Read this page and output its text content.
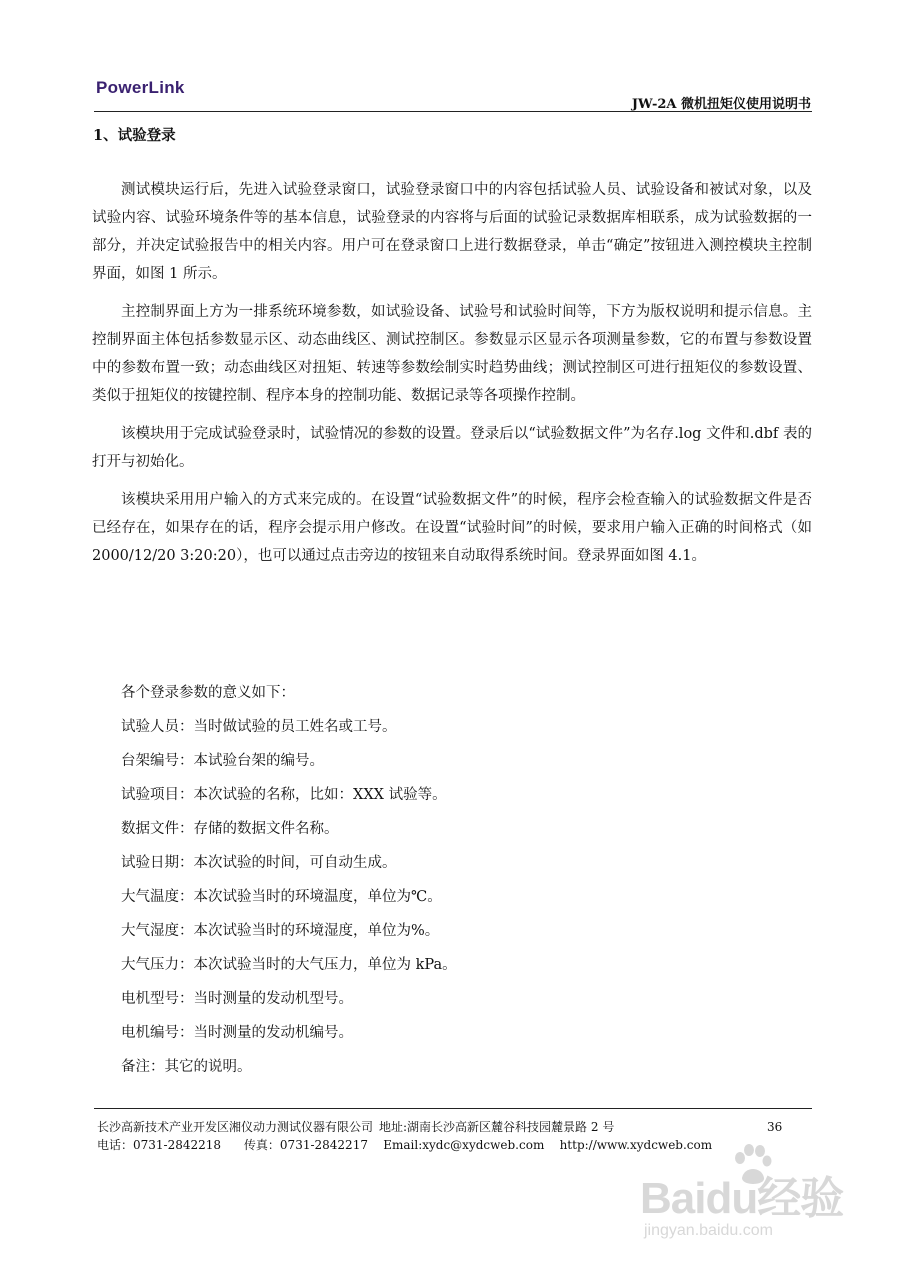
PowerLink
JW-2A 微机扭矩仪使用说明书
1、试验登录

测试模块运行后，先进入试验登录窗口，试验登录窗口中的内容包括试验人员、试验设备和被试对象，以及试验内容、试验环境条件等的基本信息，试验登录的内容将与后面的试验记录数据库相联系，成为试验数据的一部分，并决定试验报告中的相关内容。用户可在登录窗口上进行数据登录，单击“确定”按钮进入测控模块主控制界面，如图 1 所示。

主控制界面上方为一排系统环境参数，如试验设备、试验号和试验时间等，下方为版权说明和提示信息。主控制界面主体包括参数显示区、动态曲线区、测试控制区。参数显示区显示各项测量参数，它的布置与参数设置中的参数布置一致；动态曲线区对扭矩、转速等参数绘制实时趋势曲线；测试控制区可进行扭矩仪的参数设置、类似于扭矩仪的按键控制、程序本身的控制功能、数据记录等各项操作控制。

该模块用于完成试验登录时，试验情况的参数的设置。登录后以“试验数据文件”为名存.log 文件和.dbf 表的打开与初始化。

该模块采用用户输入的方式来完成的。在设置“试验数据文件”的时候，程序会检查输入的试验数据文件是否已经存在，如果存在的话，程序会提示用户修改。在设置“试验时间”的时候，要求用户输入正确的时间格式（如 2000/12/20 3:20:20），也可以通过点击旁边的按钮来自动取得系统时间。登录界面如图 4.1。

各个登录参数的意义如下：
试验人员：当时做试验的员工姓名或工号。
台架编号：本试验台架的编号。
试验项目：本次试验的名称，比如：XXX 试验等。
数据文件：存储的数据文件名称。
试验日期：本次试验的时间，可自动生成。
大气温度：本次试验当时的环境温度，单位为℃。
大气湿度：本次试验当时的环境湿度，单位为%。
大气压力：本次试验当时的大气压力，单位为 kPa。
电机型号：当时测量的发动机型号。
电机编号：当时测量的发动机编号。
备注：其它的说明。
长沙高新技术产业开发区湘仪动力测试仪器有限公司 地址:湖南长沙高新区麓谷科技园麓景路 2 号	36
电话：0731-2842218      传真：0731-2842217    Email:xydc@xydcweb.com    http://www.xydcweb.com
Baidu经验
jingyan.baidu.com
